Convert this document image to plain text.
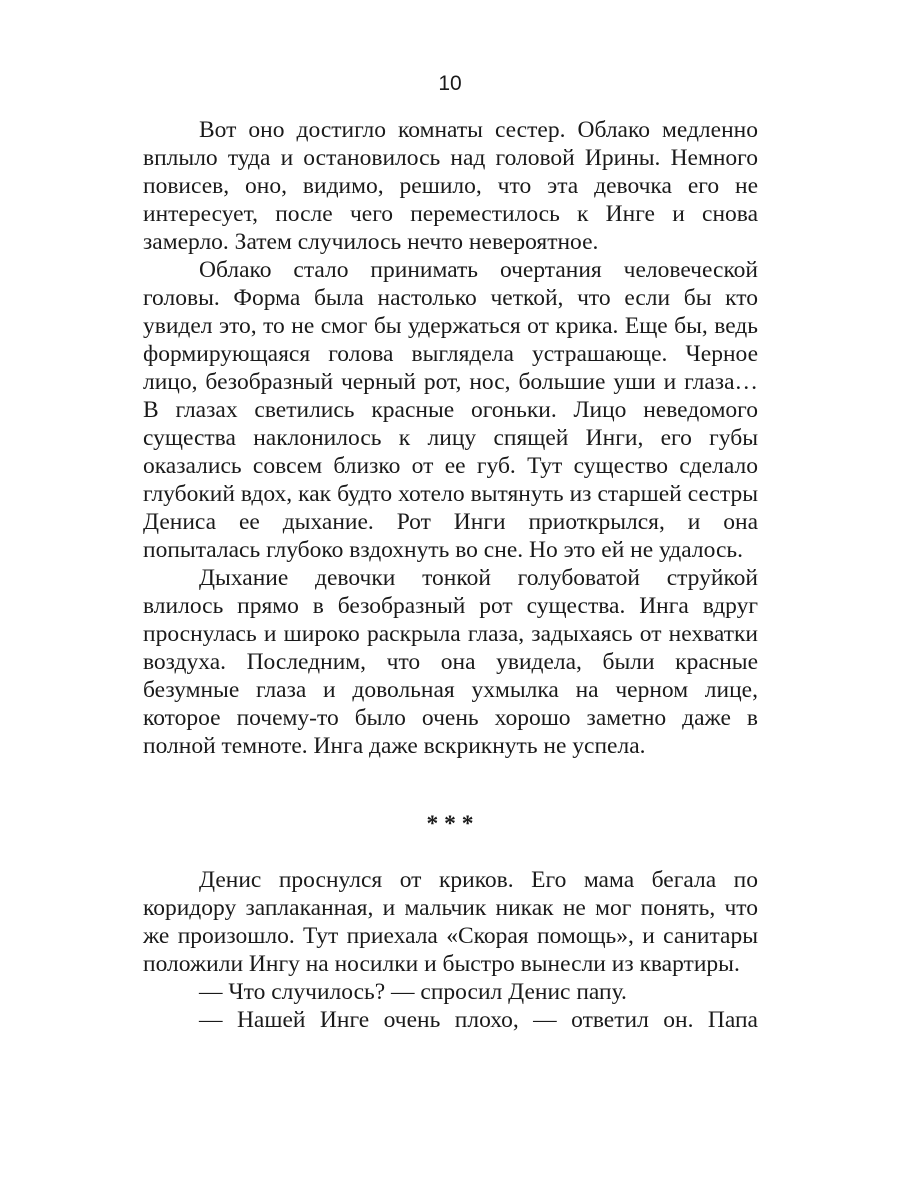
10

Вот оно достигло комнаты сестер. Облако медленно вплыло туда и остановилось над головой Ирины. Немного повисев, оно, видимо, решило, что эта девочка его не интересует, после чего переместилось к Инге и снова замерло. Затем случилось нечто невероятное.

Облако стало принимать очертания человеческой головы. Форма была настолько четкой, что если бы кто увидел это, то не смог бы удержаться от крика. Еще бы, ведь формирующаяся голова выглядела устрашающе. Черное лицо, безобразный черный рот, нос, большие уши и глаза… В глазах светились красные огоньки. Лицо неведомого существа наклонилось к лицу спящей Инги, его губы оказались совсем близко от ее губ. Тут существо сделало глубокий вдох, как будто хотело вытянуть из старшей сестры Дениса ее дыхание. Рот Инги приоткрылся, и она попыталась глубоко вздохнуть во сне. Но это ей не удалось.

Дыхание девочки тонкой голубоватой струйкой влилось прямо в безобразный рот существа. Инга вдруг проснулась и широко раскрыла глаза, задыхаясь от нехватки воздуха. Последним, что она увидела, были красные безумные глаза и довольная ухмылка на черном лице, которое почему-то было очень хорошо заметно даже в полной темноте. Инга даже вскрикнуть не успела.

* * *

Денис проснулся от криков. Его мама бегала по коридору заплаканная, и мальчик никак не мог понять, что же произошло. Тут приехала «Скорая помощь», и санитары положили Ингу на носилки и быстро вынесли из квартиры.

— Что случилось? — спросил Денис папу.

— Нашей Инге очень плохо, — ответил он. Папа
